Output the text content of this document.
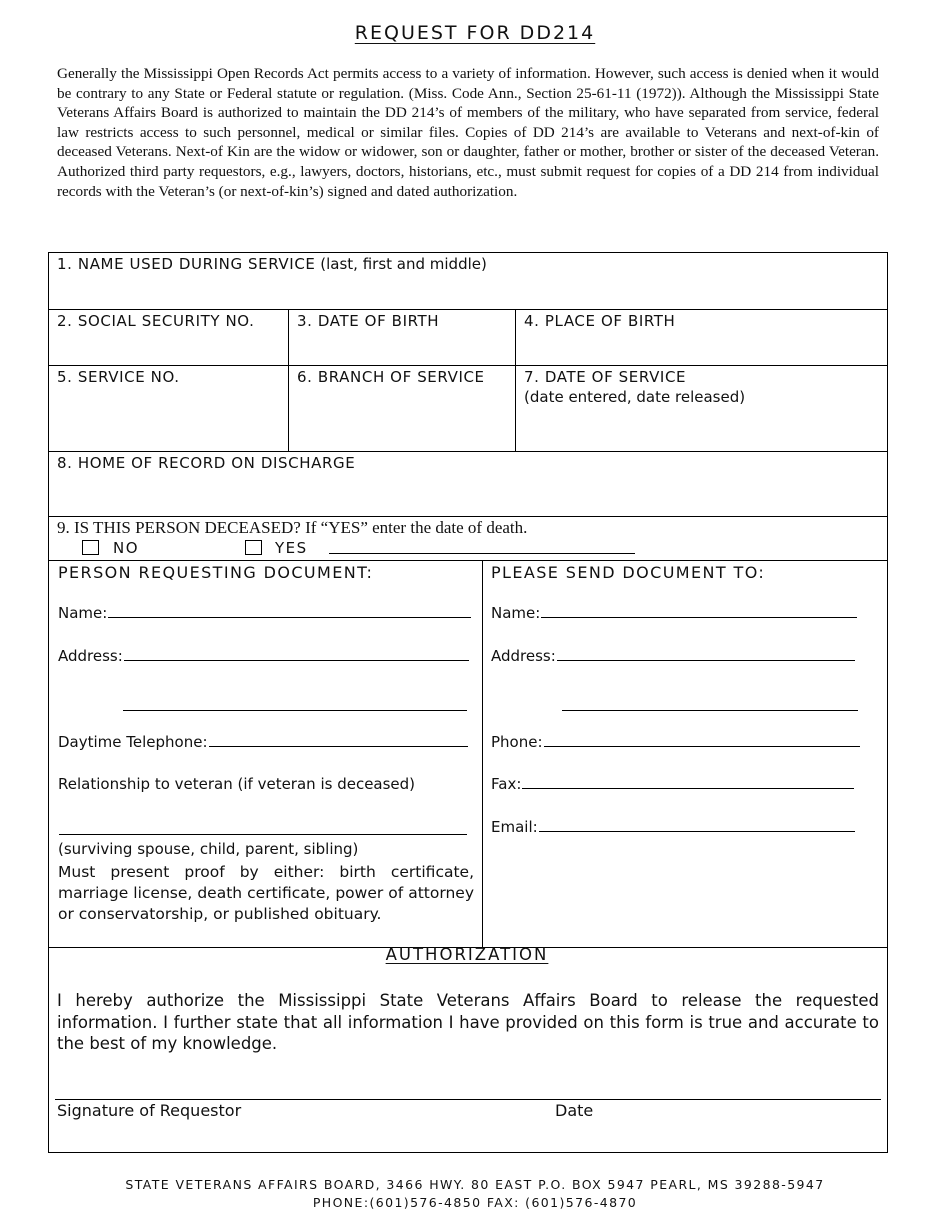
REQUEST FOR DD214

Generally the Mississippi Open Records Act permits access to a variety of information. However, such access is denied when it would be contrary to any State or Federal statute or regulation. (Miss. Code Ann., Section 25-61-11 (1972)). Although the Mississippi State Veterans Affairs Board is authorized to maintain the DD 214’s of members of the military, who have separated from service, federal law restricts access to such personnel, medical or similar files. Copies of DD 214’s are available to Veterans and next-of-kin of deceased Veterans. Next-of Kin are the widow or widower, son or daughter, father or mother, brother or sister of the deceased Veteran. Authorized third party requestors, e.g., lawyers, doctors, historians, etc., must submit request for copies of a DD 214 from individual records with the Veteran’s (or next-of-kin’s) signed and dated authorization.

1. NAME USED DURING SERVICE (last, first and middle)
2. SOCIAL SECURITY NO.	3. DATE OF BIRTH	4. PLACE OF BIRTH
5. SERVICE NO.	6. BRANCH OF SERVICE	7. DATE OF SERVICE
(date entered, date released)
8. HOME OF RECORD ON DISCHARGE
9. IS THIS PERSON DECEASED? If “YES” enter the date of death.
NO	YES
PERSON REQUESTING DOCUMENT:
Name:
Address:
Daytime Telephone:
Relationship to veteran (if veteran is deceased)
(surviving spouse, child, parent, sibling)

Must present proof by either: birth certificate, marriage license, death certificate, power of attorney or conservatorship, or published obituary.

PLEASE SEND DOCUMENT TO:
Name:
Address:
Phone:
Fax:
Email:
AUTHORIZATION

I hereby authorize the Mississippi State Veterans Affairs Board to release the requested information. I further state that all information I have provided on this form is true and accurate to the best of my knowledge.

Signature of Requestor	Date
STATE VETERANS AFFAIRS BOARD, 3466 HWY. 80 EAST P.O. BOX 5947 PEARL, MS 39288-5947
PHONE:(601)576-4850 FAX: (601)576-4870
